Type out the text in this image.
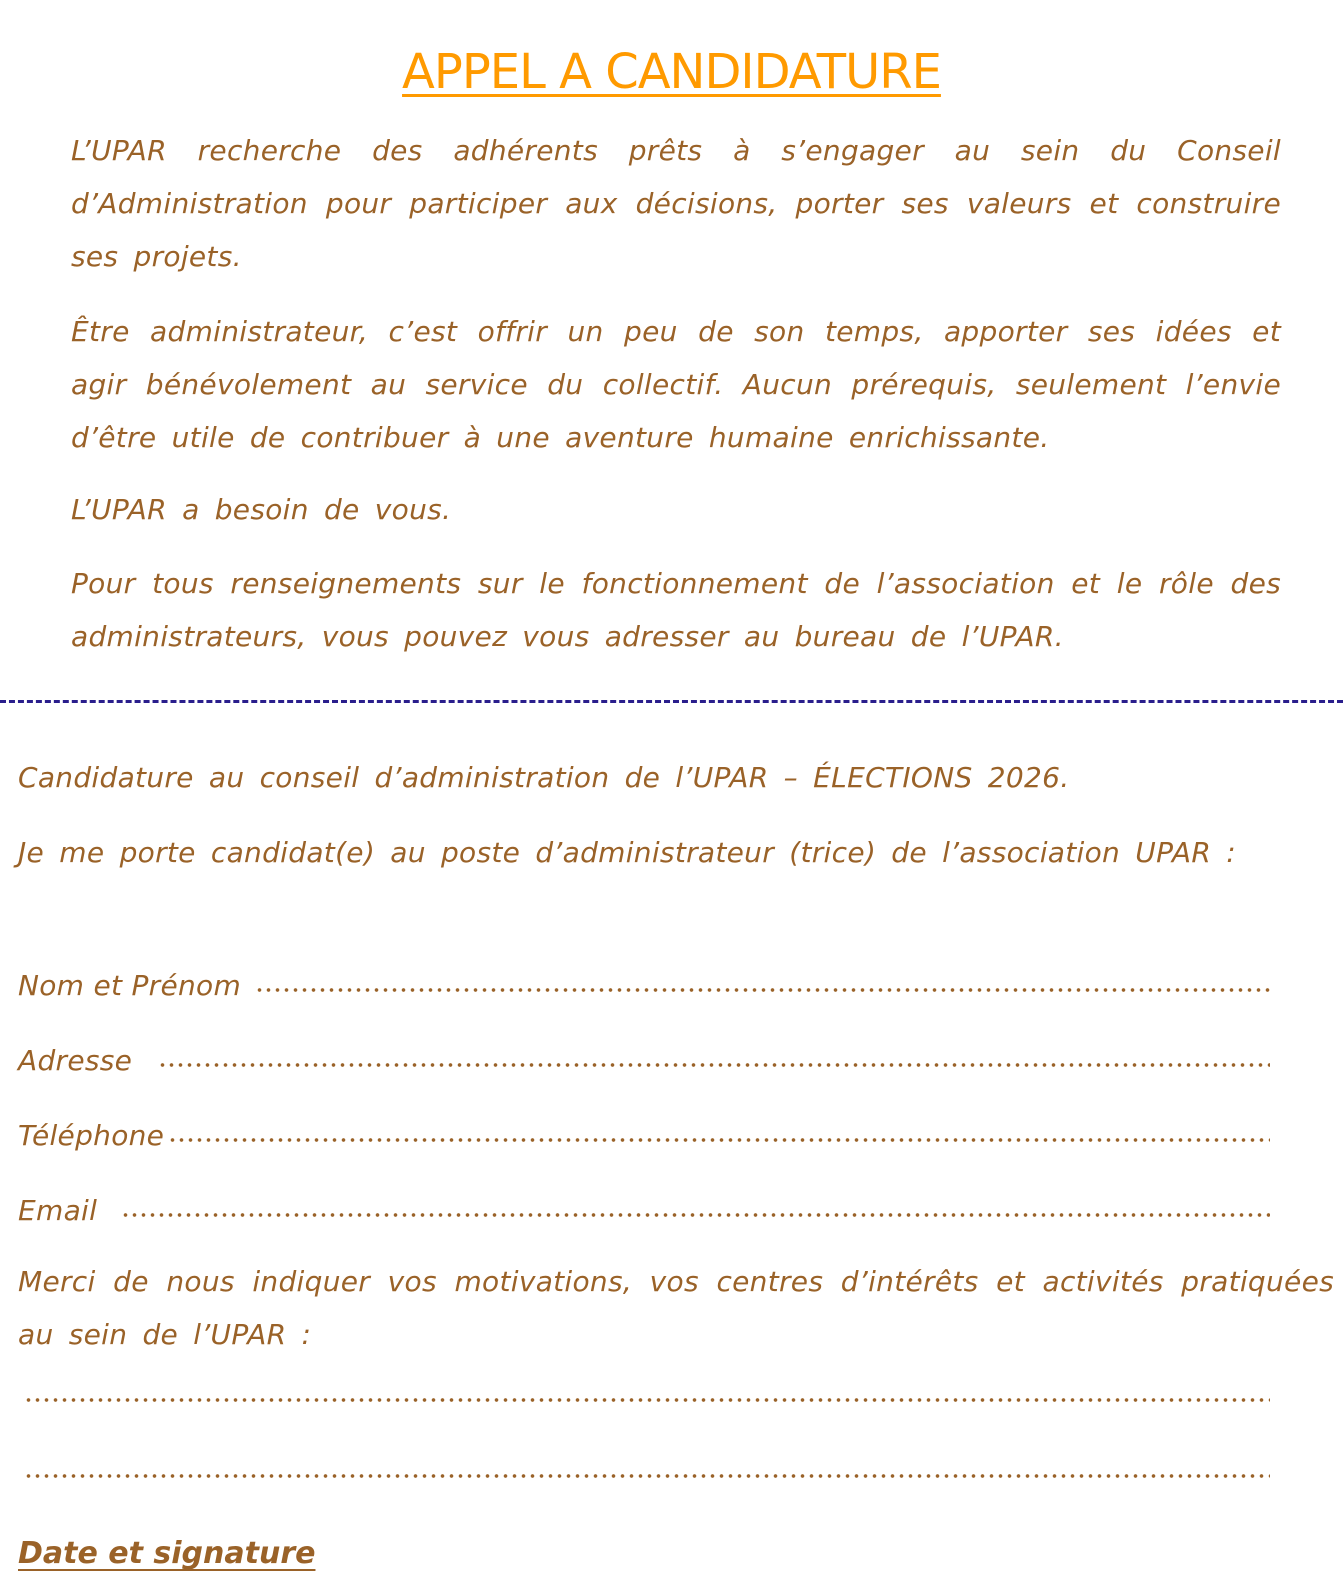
APPEL A CANDIDATURE
L’UPAR recherche des adhérents prêts à s’engager au sein du Conseil d’Administration pour participer aux décisions, porter ses valeurs et construire ses projets.
Être administrateur, c’est offrir un peu de son temps, apporter ses idées et agir bénévolement au service du collectif. Aucun prérequis, seulement l’envie d’être utile de contribuer à une aventure humaine enrichissante.
L’UPAR a besoin de vous.
Pour tous renseignements sur le fonctionnement de l’association et le rôle des administrateurs, vous pouvez vous adresser au bureau de l’UPAR.
Candidature au conseil d’administration de l’UPAR – ÉLECTIONS 2026.
Je me porte candidat(e) au poste d’administrateur (trice) de l’association UPAR :
Nom et Prénom
Adresse
Téléphone
Email
Merci de nous indiquer vos motivations, vos centres d’intérêts et activités pratiquées au sein de l’UPAR :
Date et signature
